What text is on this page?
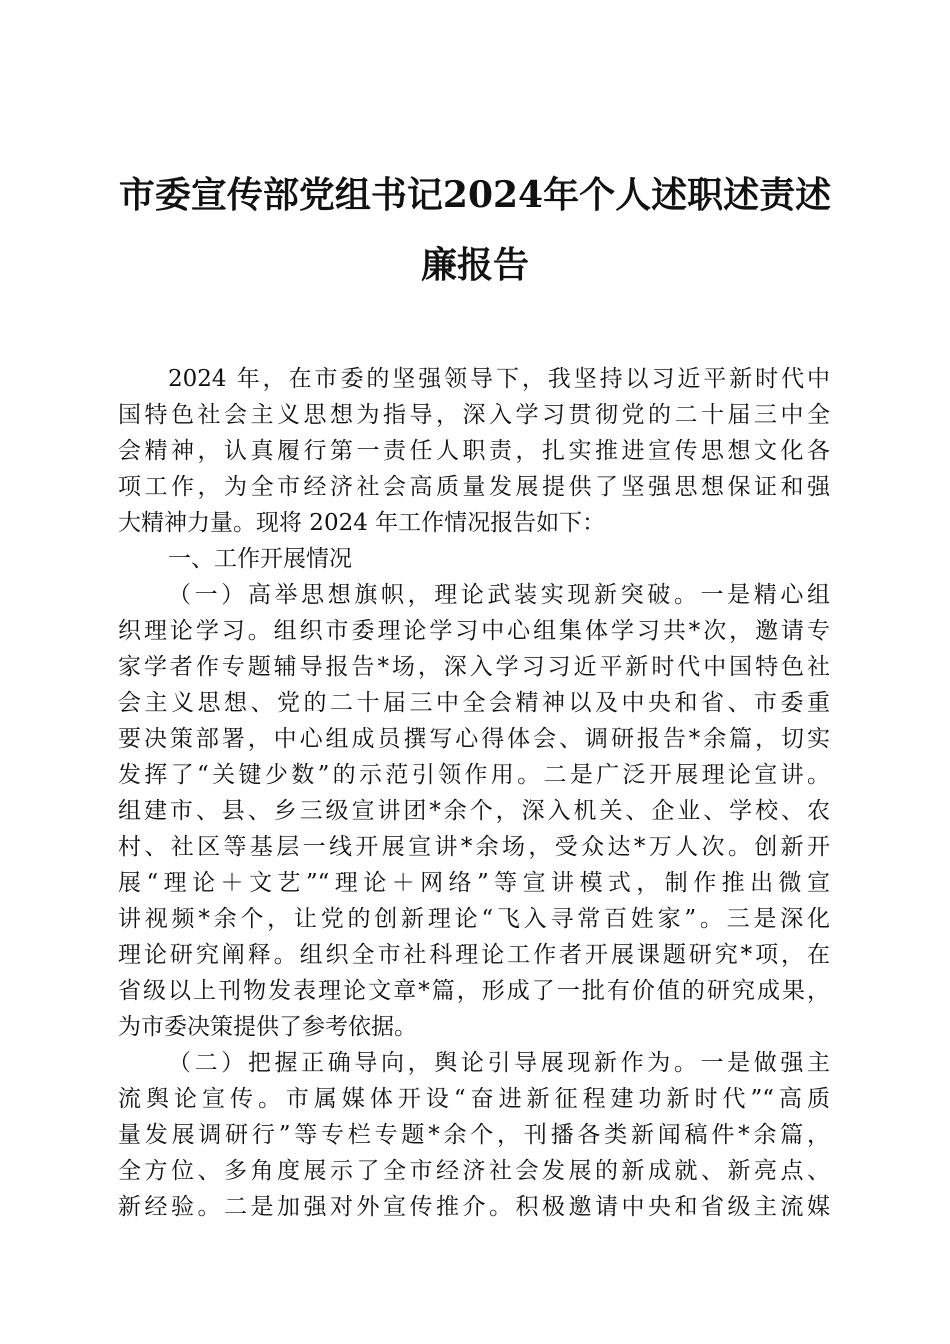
市委宣传部党组书记2024年个人述职述责述
廉报告
2024 年，在市委的坚强领导下，我坚持以习近平新时代中
国特色社会主义思想为指导，深入学习贯彻党的二十届三中全
会精神，认真履行第一责任人职责，扎实推进宣传思想文化各
项工作，为全市经济社会高质量发展提供了坚强思想保证和强
大精神力量。现将 2024 年工作情况报告如下：
一、工作开展情况
（一）高举思想旗帜，理论武装实现新突破。一是精心组
织理论学习。组织市委理论学习中心组集体学习共*次，邀请专
家学者作专题辅导报告*场，深入学习习近平新时代中国特色社
会主义思想、党的二十届三中全会精神以及中央和省、市委重
要决策部署，中心组成员撰写心得体会、调研报告*余篇，切实
发挥了“关键少数”的示范引领作用。二是广泛开展理论宣讲。
组建市、县、乡三级宣讲团*余个，深入机关、企业、学校、农
村、社区等基层一线开展宣讲*余场，受众达*万人次。创新开
展“理论＋文艺”“理论＋网络”等宣讲模式，制作推出微宣
讲视频*余个，让党的创新理论“飞入寻常百姓家”。三是深化
理论研究阐释。组织全市社科理论工作者开展课题研究*项，在
省级以上刊物发表理论文章*篇，形成了一批有价值的研究成果，
为市委决策提供了参考依据。
（二）把握正确导向，舆论引导展现新作为。一是做强主
流舆论宣传。市属媒体开设“奋进新征程建功新时代”“高质
量发展调研行”等专栏专题*余个，刊播各类新闻稿件*余篇，
全方位、多角度展示了全市经济社会发展的新成就、新亮点、
新经验。二是加强对外宣传推介。积极邀请中央和省级主流媒
